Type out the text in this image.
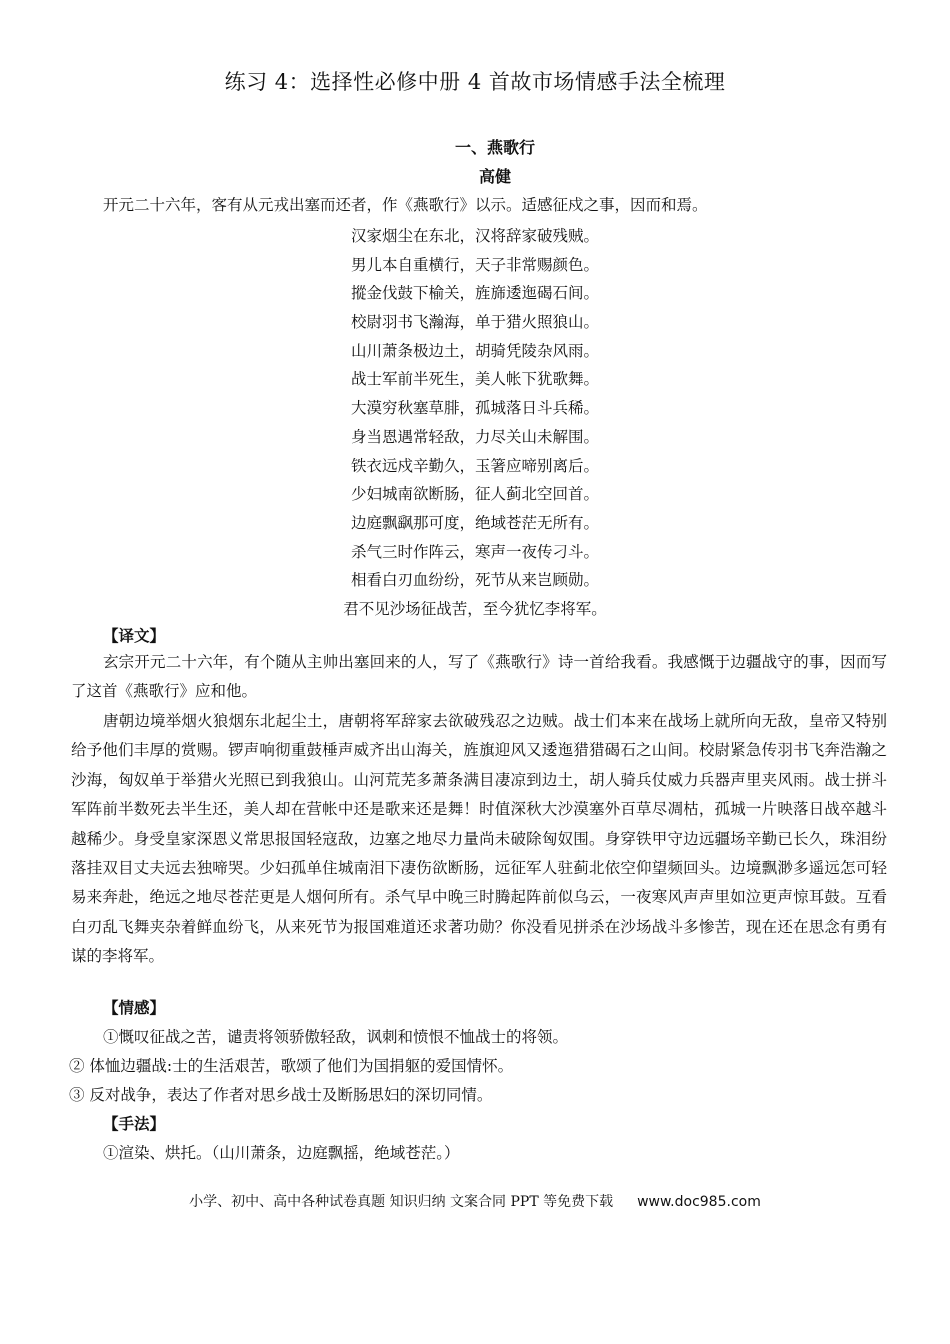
练习 4：选择性必修中册 4 首故市场情感手法全梳理
一、燕歌行
高健
开元二十六年，客有从元戎出塞而还者，作《燕歌行》以示。适感征戍之事，因而和焉。
汉家烟尘在东北，汉将辞家破残贼。
男儿本自重横行，天子非常赐颜色。
摐金伐鼓下榆关，旌旆逶迤碣石间。
校尉羽书飞瀚海，单于猎火照狼山。
山川萧条极边土，胡骑凭陵杂风雨。
战士军前半死生，美人帐下犹歌舞。
大漠穷秋塞草腓，孤城落日斗兵稀。
身当恩遇常轻敌，力尽关山未解围。
铁衣远戍辛勤久，玉箸应啼别离后。
少妇城南欲断肠，征人蓟北空回首。
边庭飘飖那可度，绝域苍茫无所有。
杀气三时作阵云，寒声一夜传刁斗。
相看白刃血纷纷，死节从来岂顾勋。
君不见沙场征战苦，至今犹忆李将军。
【译文】

玄宗开元二十六年，有个随从主帅出塞回来的人，写了《燕歌行》诗一首给我看。我感慨于边疆战守的事，因而写了这首《燕歌行》应和他。

唐朝边境举烟火狼烟东北起尘土，唐朝将军辞家去欲破残忍之边贼。战士们本来在战场上就所向无敌，皇帝又特别给予他们丰厚的赏赐。锣声响彻重鼓棰声威齐出山海关，旌旗迎风又逶迤猎猎碣石之山间。校尉紧急传羽书飞奔浩瀚之沙海，匈奴单于举猎火光照已到我狼山。山河荒芜多萧条满目凄凉到边土，胡人骑兵仗威力兵器声里夹风雨。战士拼斗军阵前半数死去半生还，美人却在营帐中还是歌来还是舞！时值深秋大沙漠塞外百草尽凋枯，孤城一片映落日战卒越斗越稀少。身受皇家深恩义常思报国轻寇敌，边塞之地尽力量尚未破除匈奴围。身穿铁甲守边远疆场辛勤已长久，珠泪纷落挂双目丈夫远去独啼哭。少妇孤单住城南泪下凄伤欲断肠，远征军人驻蓟北依空仰望频回头。边境飘渺多遥远怎可轻易来奔赴，绝远之地尽苍茫更是人烟何所有。杀气早中晚三时腾起阵前似乌云，一夜寒风声声里如泣更声惊耳鼓。互看白刃乱飞舞夹杂着鲜血纷飞，从来死节为报国难道还求著功勋？你没看见拼杀在沙场战斗多惨苦，现在还在思念有勇有谋的李将军。

【情感】
①慨叹征战之苦，谴责将领骄傲轻敌，讽刺和愤恨不恤战士的将领。
② 体恤边疆战:士的生活艰苦，歌颂了他们为国捐躯的爱国情怀。
③ 反对战争，表达了作者对思乡战士及断肠思妇的深切同情。
【手法】
①渲染、烘托。（山川萧条，边庭飘摇，绝域苍茫。）
小学、初中、高中各种试卷真题 知识归纳 文案合同 PPT 等免费下载 www.doc985.com
